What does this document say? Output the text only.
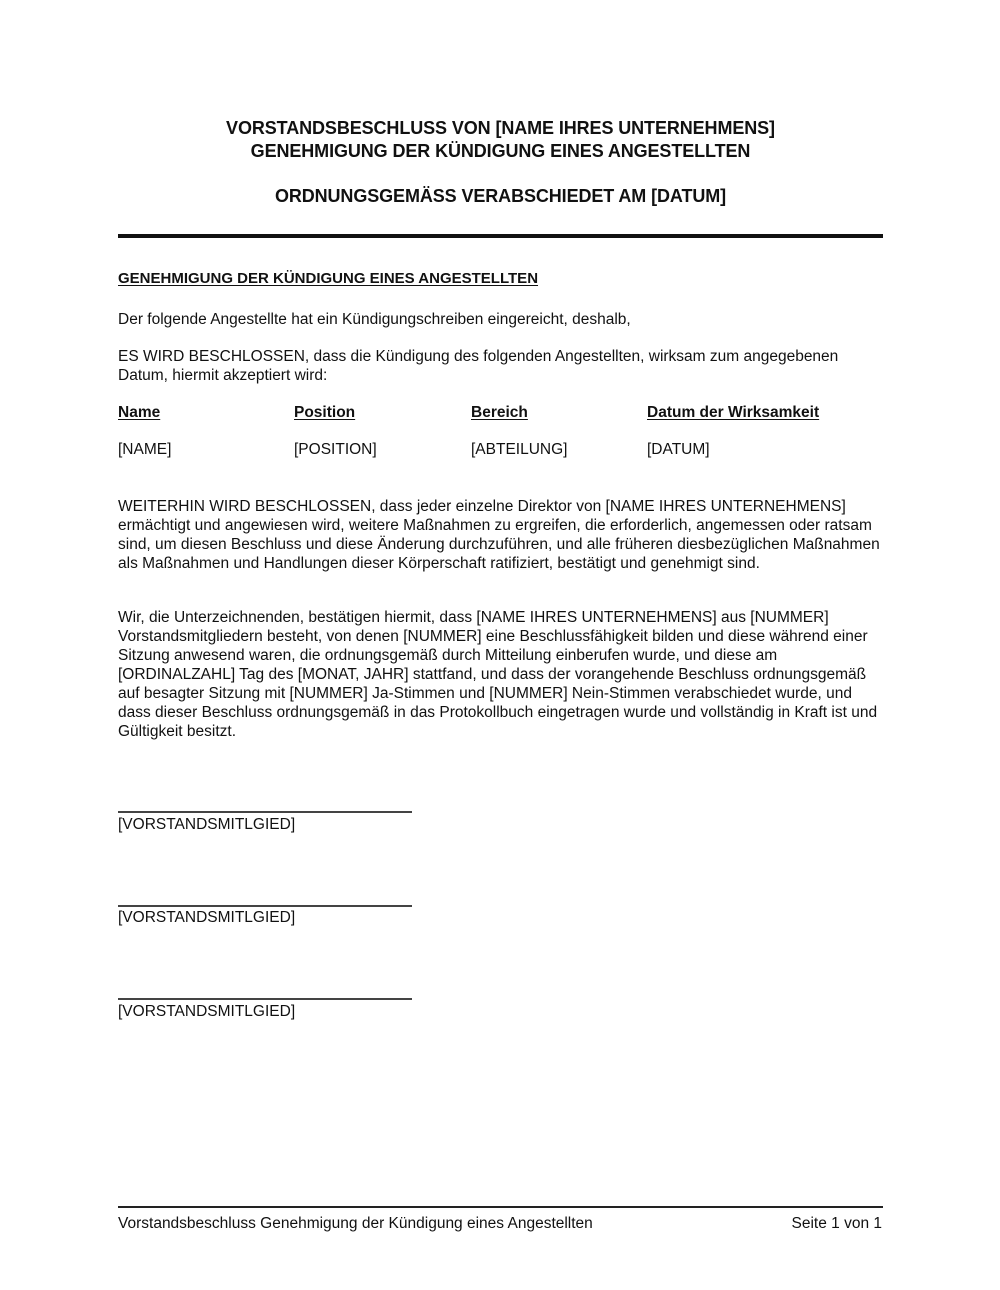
VORSTANDSBESCHLUSS VON [NAME IHRES UNTERNEHMENS]
GENEHMIGUNG DER KÜNDIGUNG EINES ANGESTELLTEN
ORDNUNGSGEMÄSS VERABSCHIEDET AM [DATUM]
GENEHMIGUNG DER KÜNDIGUNG EINES ANGESTELLTEN
Der folgende Angestellte hat ein Kündigungschreiben eingereicht, deshalb,
ES WIRD BESCHLOSSEN, dass die Kündigung des folgenden Angestellten, wirksam zum angegebenen Datum, hiermit akzeptiert wird:
Name	Position	Bereich	Datum der Wirksamkeit
[NAME]	[POSITION]	[ABTEILUNG]	[DATUM]
WEITERHIN WIRD BESCHLOSSEN, dass jeder einzelne Direktor von [NAME IHRES UNTERNEHMENS] ermächtigt und angewiesen wird, weitere Maßnahmen zu ergreifen, die erforderlich, angemessen oder ratsam sind, um diesen Beschluss und diese Änderung durchzuführen, und alle früheren diesbezüglichen Maßnahmen als Maßnahmen und Handlungen dieser Körperschaft ratifiziert, bestätigt und genehmigt sind.
Wir, die Unterzeichnenden, bestätigen hiermit, dass [NAME IHRES UNTERNEHMENS] aus [NUMMER] Vorstandsmitgliedern besteht, von denen [NUMMER] eine Beschlussfähigkeit bilden und diese während einer Sitzung anwesend waren, die ordnungsgemäß durch Mitteilung einberufen wurde, und diese am [ORDINALZAHL] Tag des [MONAT, JAHR] stattfand, und dass der vorangehende Beschluss ordnungsgemäß auf besagter Sitzung mit [NUMMER] Ja-Stimmen und [NUMMER] Nein-Stimmen verabschiedet wurde, und dass dieser Beschluss ordnungsgemäß in das Protokollbuch eingetragen wurde und vollständig in Kraft ist und Gültigkeit besitzt.
[VORSTANDSMITLGIED]
[VORSTANDSMITLGIED]
[VORSTANDSMITLGIED]
Vorstandsbeschluss Genehmigung der Kündigung eines Angestellten	Seite 1 von 1
